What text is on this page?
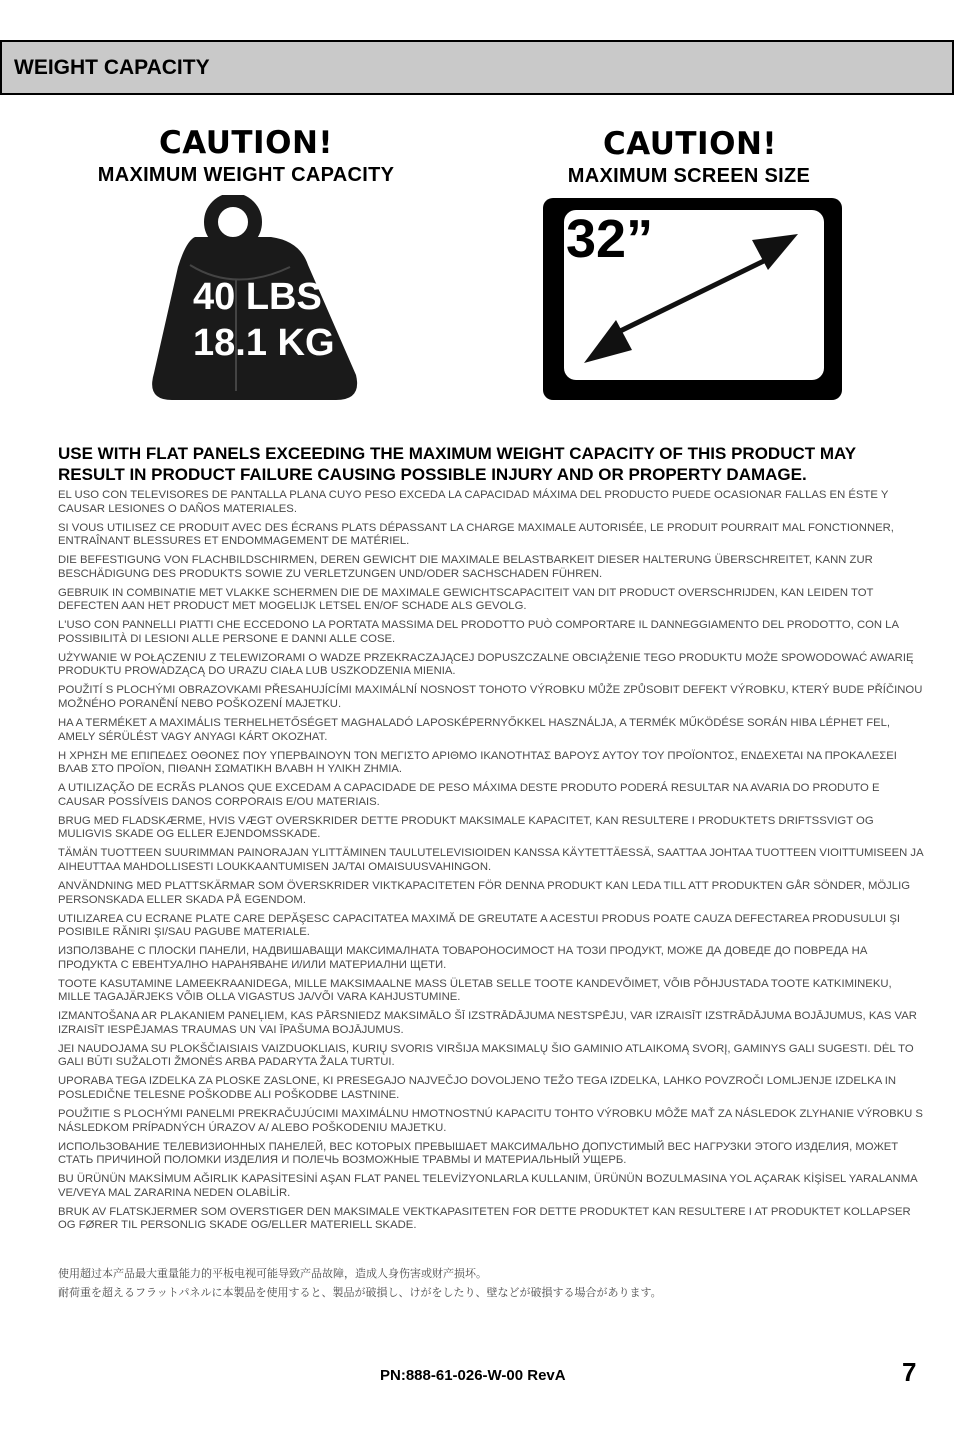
WEIGHT CAPACITY
CAUTION!
MAXIMUM WEIGHT CAPACITY
40 LBS
18.1 KG
CAUTION!
MAXIMUM SCREEN SIZE
32”
USE WITH FLAT PANELS EXCEEDING THE MAXIMUM WEIGHT CAPACITY OF THIS PRODUCT MAY RESULT IN PRODUCT FAILURE CAUSING POSSIBLE INJURY AND OR PROPERTY DAMAGE.

EL USO CON TELEVISORES DE PANTALLA PLANA CUYO PESO EXCEDA LA CAPACIDAD MÁXIMA DEL PRODUCTO PUEDE OCASIONAR FALLAS EN ÉSTE Y CAUSAR LESIONES O DAÑOS MATERIALES.

SI VOUS UTILISEZ CE PRODUIT AVEC DES ÉCRANS PLATS DÉPASSANT LA CHARGE MAXIMALE AUTORISÉE, LE PRODUIT POURRAIT MAL FONCTIONNER, ENTRAÎNANT BLESSURES ET ENDOMMAGEMENT DE MATÉRIEL.

DIE BEFESTIGUNG VON FLACHBILDSCHIRMEN, DEREN GEWICHT DIE MAXIMALE BELASTBARKEIT DIESER HALTERUNG ÜBERSCHREITET, KANN ZUR BESCHÄDIGUNG DES PRODUKTS SOWIE ZU VERLETZUNGEN UND/ODER SACHSCHADEN FÜHREN.

GEBRUIK IN COMBINATIE MET VLAKKE SCHERMEN DIE DE MAXIMALE GEWICHTSCAPACITEIT VAN DIT PRODUCT OVERSCHRIJDEN, KAN LEIDEN TOT DEFECTEN AAN HET PRODUCT MET MOGELIJK LETSEL EN/OF SCHADE ALS GEVOLG.

L'USO CON PANNELLI PIATTI CHE ECCEDONO LA PORTATA MASSIMA DEL PRODOTTO PUÒ COMPORTARE IL DANNEGGIAMENTO DEL PRODOTTO, CON LA POSSIBILITÀ DI LESIONI ALLE PERSONE E DANNI ALLE COSE.

UŻYWANIE W POŁĄCZENIU Z TELEWIZORAMI O WADZE PRZEKRACZAJĄCEJ DOPUSZCZALNE OBCIĄŻENIE TEGO PRODUKTU MOŻE SPOWODOWAĆ AWARIĘ PRODUKTU PROWADZĄCĄ DO URAZU CIAŁA LUB USZKODZENIA MIENIA.

POUŽITÍ S PLOCHÝMI OBRAZOVKAMI PŘESAHUJÍCÍMI MAXIMÁLNÍ NOSNOST TOHOTO VÝROBKU MŮŽE ZPŮSOBIT DEFEKT VÝROBKU, KTERÝ BUDE PŘÍČINOU MOŽNÉHO PORANĚNÍ NEBO POŠKOZENÍ MAJETKU.

HA A TERMÉKET A MAXIMÁLIS TERHELHETŐSÉGET MAGHALADÓ LAPOSKÉPERNYŐKKEL HASZNÁLJA, A TERMÉK MŰKÖDÉSE SORÁN HIBA LÉPHET FEL, AMELY SÉRÜLÉST VAGY ANYAGI KÁRT OKOZHAT.

Η ΧΡΗΣΗ ΜΕ ΕΠΙΠΕΔΕΣ ΟΘΟΝΕΣ ΠΟΥ ΥΠΕΡΒΑΙΝΟΥΝ ΤΟΝ ΜΕΓΙΣΤΟ ΑΡΙΘΜΟ ΙΚΑΝΟΤΗΤΑΣ ΒΑΡΟΥΣ ΑΥΤΟΥ ΤΟΥ ΠΡΟΪΟΝΤΟΣ, ΕΝΔΕΧΕΤΑΙ ΝΑ ΠΡΟΚΑΛΕΣΕΙ ΒΛΑΒ ΣΤΟ ΠΡΟΪΟΝ, ΠΙΘΑΝΗ ΣΩΜΑΤΙΚΗ ΒΛΑΒΗ Η ΥΛΙΚΗ ΖΗΜΙΑ.

A UTILIZAÇÃO DE ECRÃS PLANOS QUE EXCEDAM A CAPACIDADE DE PESO MÁXIMA DESTE PRODUTO PODERÁ RESULTAR NA AVARIA DO PRODUTO E CAUSAR POSSÍVEIS DANOS CORPORAIS E/OU MATERIAIS.

BRUG MED FLADSKÆRME, HVIS VÆGT OVERSKRIDER DETTE PRODUKT MAKSIMALE KAPACITET, KAN RESULTERE I PRODUKTETS DRIFTSSVIGT OG MULIGVIS SKADE OG ELLER EJENDOMSSKADE.

TÄMÄN TUOTTEEN SUURIMMAN PAINORAJAN YLITTÄMINEN TAULUTELEVISIOIDEN KANSSA KÄYTETTÄESSÄ, SAATTAA JOHTAA TUOTTEEN VIOITTUMISEEN JA AIHEUTTAA MAHDOLLISESTI LOUKKAANTUMISEN JA/TAI OMAISUUSVAHINGON.

ANVÄNDNING MED PLATTSKÄRMAR SOM ÖVERSKRIDER VIKTKAPACITETEN FÖR DENNA PRODUKT KAN LEDA TILL ATT PRODUKTEN GÅR SÖNDER, MÖJLIG PERSONSKADA ELLER SKADA PÅ EGENDOM.

UTILIZAREA CU ECRANE PLATE CARE DEPĂŞESC CAPACITATEA MAXIMĂ DE GREUTATE A ACESTUI PRODUS POATE CAUZA DEFECTAREA PRODUSULUI ŞI POSIBILE RĂNIRI ŞI/SAU PAGUBE MATERIALE.

ИЗПОЛЗВАНЕ С ПЛОСКИ ПАНЕЛИ, НАДВИШАВАЩИ МАКСИМАЛНАТА ТОВАРОНОСИМОСТ НА ТОЗИ ПРОДУКТ, МОЖЕ ДА ДОВЕДЕ ДО ПОВРЕДА НА ПРОДУКТА С ЕВЕНТУАЛНО НАРАНЯВАНЕ И/ИЛИ МАТЕРИАЛНИ ЩЕТИ.

TOOTE KASUTAMINE LAMEEKRAANIDEGA, MILLE MAKSIMAALNE MASS ÜLETAB SELLE TOOTE KANDEVÕIMET, VÕIB PÕHJUSTADA TOOTE KATKIMINEKU, MILLE TAGAJÄRJEKS VÕIB OLLA VIGASTUS JA/VÕI VARA KAHJUSTUMINE.

IZMANTOŠANA AR PLAKANIEM PANEĻIEM, KAS PĀRSNIEDZ MAKSIMĀLO ŠĪ IZSTRĀDĀJUMA NESTSPĒJU, VAR IZRAISĪT IZSTRĀDĀJUMA BOJĀJUMUS, KAS VAR IZRAISĪT IESPĒJAMAS TRAUMAS UN VAI ĪPAŠUMA BOJĀJUMUS.

JEI NAUDOJAMA SU PLOKŠČIAISIAIS VAIZDUOKLIAIS, KURIŲ SVORIS VIRŠIJA MAKSIMALŲ ŠIO GAMINIO ATLAIKOMĄ SVORĮ, GAMINYS GALI SUGESTI. DĖL TO GALI BŪTI SUŽALOTI ŽMONĖS ARBA PADARYTA ŽALA TURTUI.

UPORABA TEGA IZDELKA ZA PLOSKE ZASLONE, KI PRESEGAJO NAJVEČJO DOVOLJENO TEŽO TEGA IZDELKA, LAHKO POVZROČI LOMLJENJE IZDELKA IN POSLEDIČNE TELESNE POŠKODBE ALI POŠKODBE LASTNINE.

POUŽITIE S PLOCHÝMI PANELMI PREKRAČUJÚCIMI MAXIMÁLNU HMOTNOSTNÚ KAPACITU TOHTO VÝROBKU MÔŽE MAŤ ZA NÁSLEDOK ZLYHANIE VÝROBKU S NÁSLEDKOM PRÍPADNÝCH ÚRAZOV A/ ALEBO POŠKODENIU MAJETKU.

ИСПОЛЬЗОВАНИЕ ТЕЛЕВИЗИОННЫХ ПАНЕЛЕЙ, ВЕС КОТОРЫХ ПРЕВЫШАЕТ МАКСИМАЛЬНО ДОПУСТИМЫЙ ВЕС НАГРУЗКИ ЭТОГО ИЗДЕЛИЯ, МОЖЕТ СТАТЬ ПРИЧИНОЙ ПОЛОМКИ ИЗДЕЛИЯ И ПОЛЕЧЬ ВОЗМОЖНЫЕ ТРАВМЫ И МАТЕРИАЛЬНЫЙ УЩЕРБ.

BU ÜRÜNÜN MAKSİMUM AĞIRLIK KAPASİTESİNİ AŞAN FLAT PANEL TELEVİZYONLARLA KULLANIM, ÜRÜNÜN BOZULMASINA YOL AÇARAK KİŞİSEL YARALANMA VE/VEYA MAL ZARARINA NEDEN OLABİLİR.

BRUK AV FLATSKJERMER SOM OVERSTIGER DEN MAKSIMALE VEKTKAPASITETEN FOR DETTE PRODUKTET KAN RESULTERE I AT PRODUKTET KOLLAPSER OG FØRER TIL PERSONLIG SKADE OG/ELLER MATERIELL SKADE.

使用超过本产品最大重量能力的平板电视可能导致产品故障，造成人身伤害或财产损坏。
耐荷重を超えるフラットパネルに本製品を使用すると、製品が破損し、けがをしたり、壁などが破損する場合があります。
PN:888-61-026-W-00 RevA	7
